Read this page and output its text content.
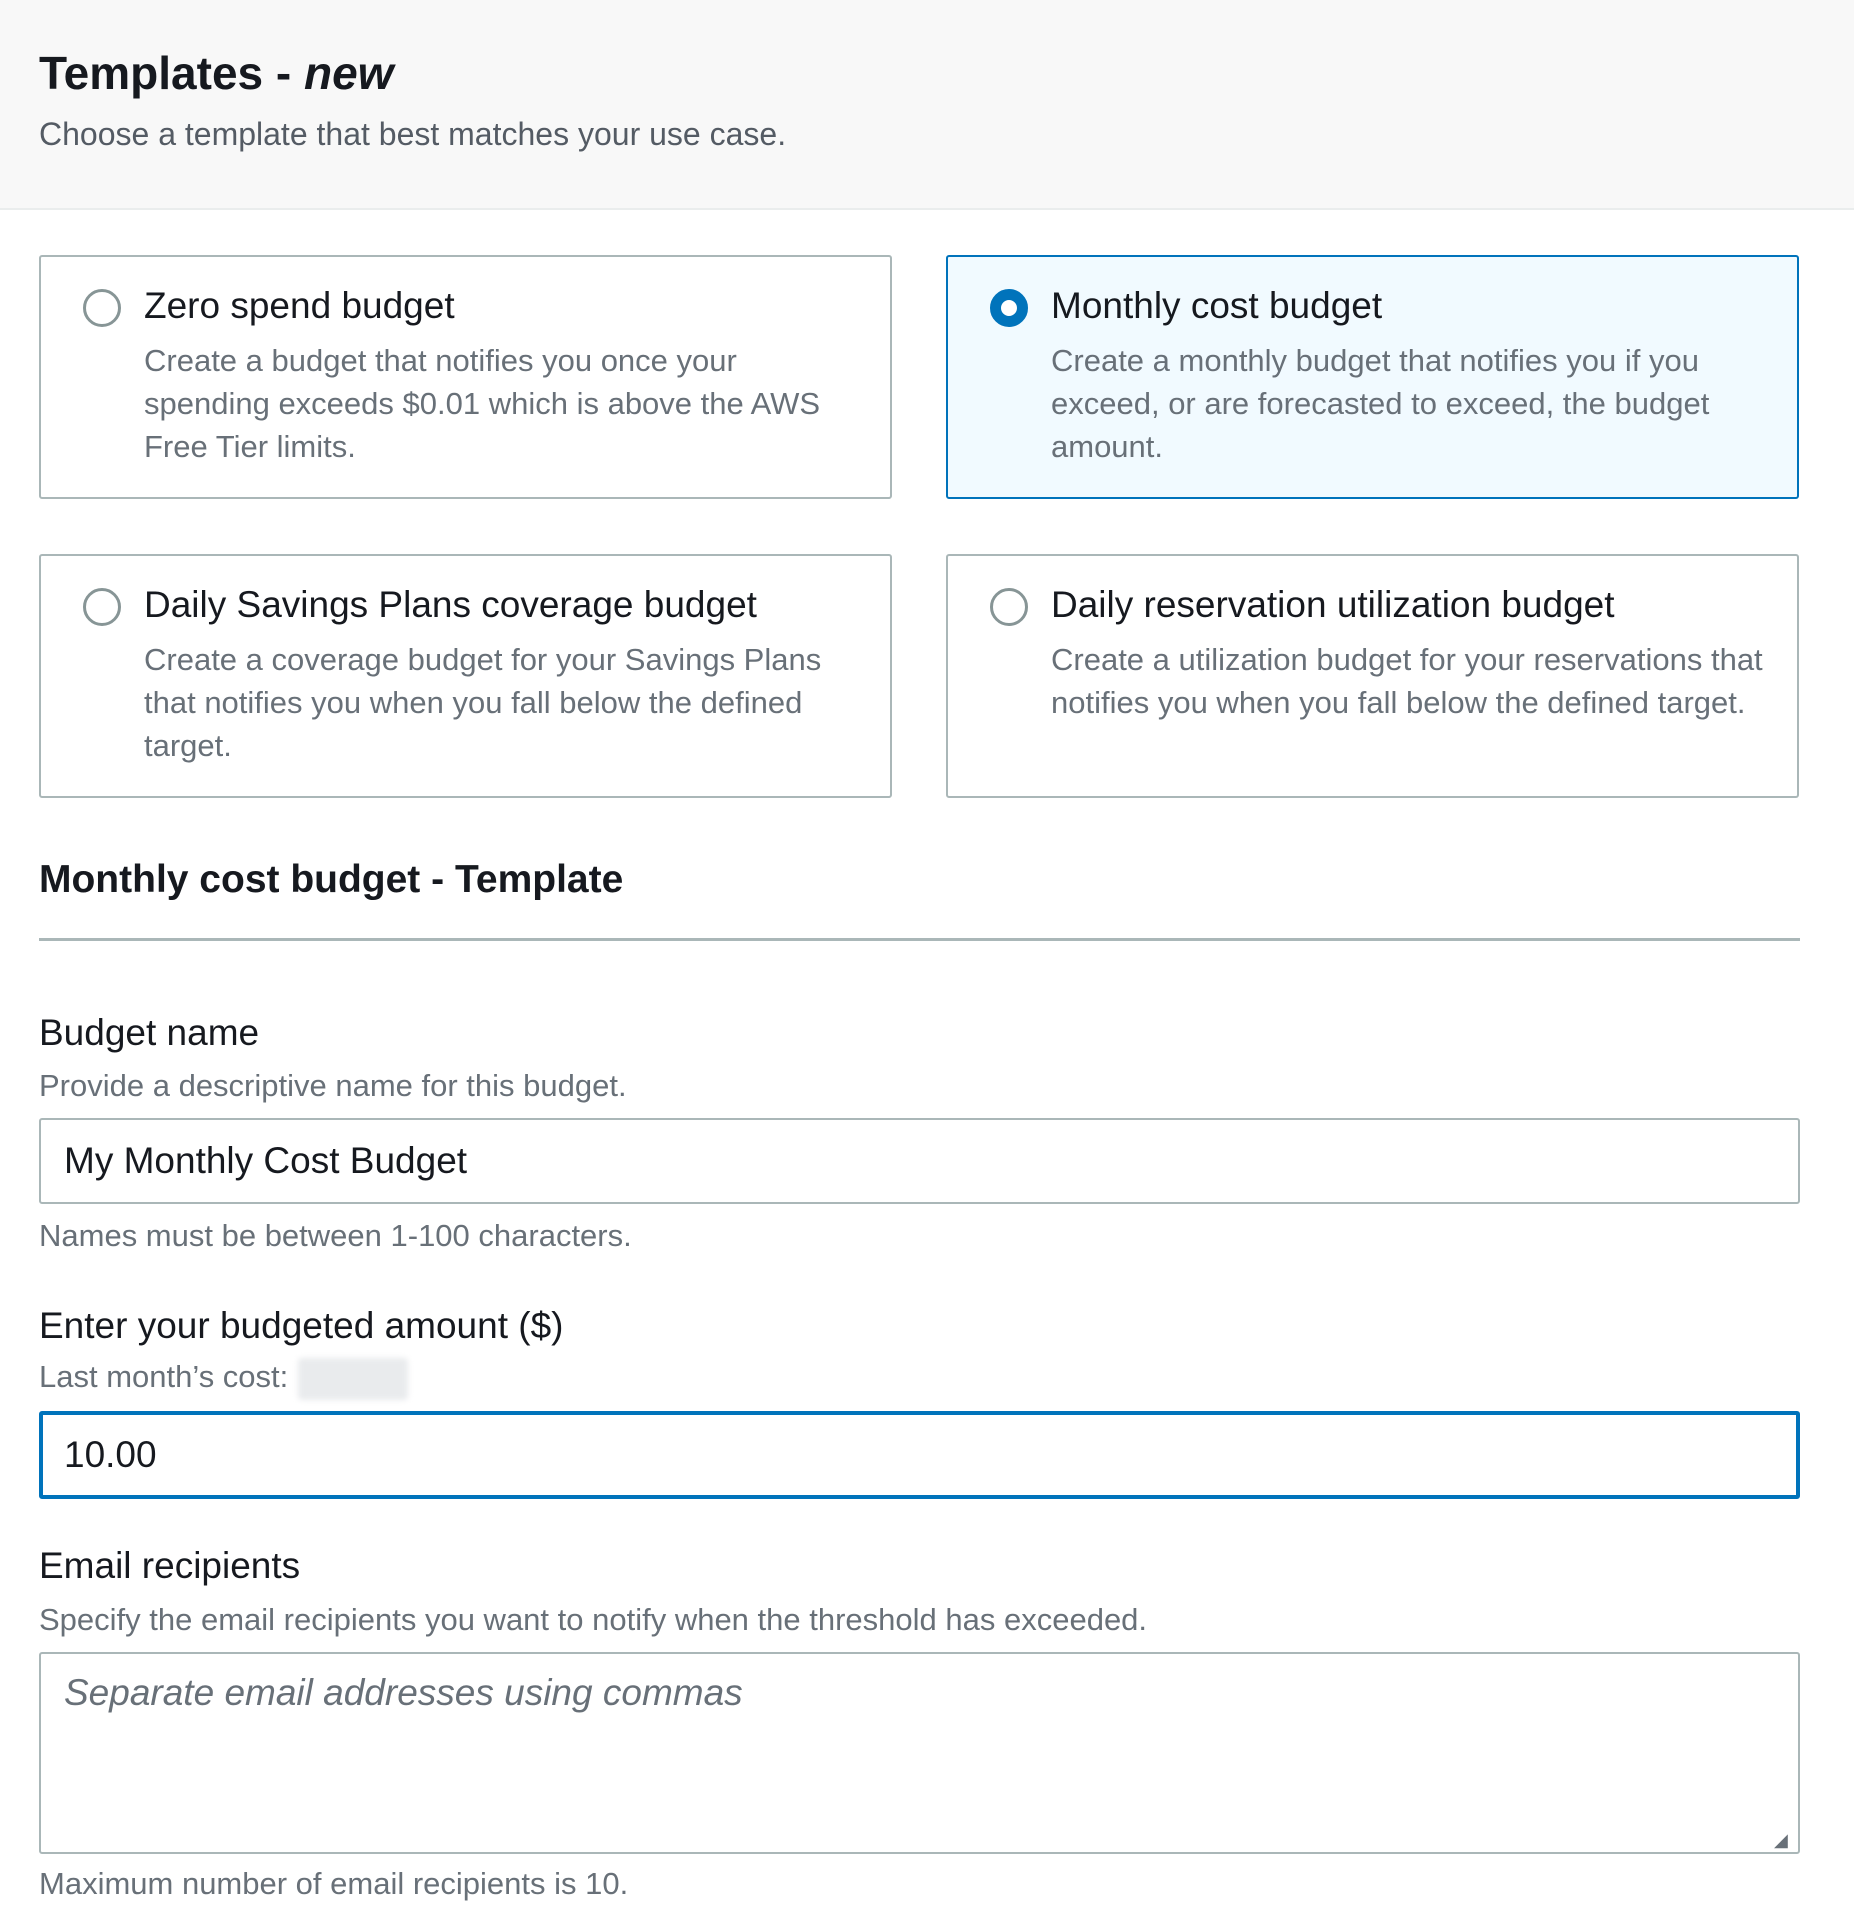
Templates - new
Choose a template that best matches your use case.
Zero spend budget
Create a budget that notifies you once your spending exceeds $0.01 which is above the AWS Free Tier limits.
Monthly cost budget
Create a monthly budget that notifies you if you exceed, or are forecasted to exceed, the budget amount.
Daily Savings Plans coverage budget
Create a coverage budget for your Savings Plans that notifies you when you fall below the defined target.
Daily reservation utilization budget
Create a utilization budget for your reservations that notifies you when you fall below the defined target.
Monthly cost budget - Template
Budget name
Provide a descriptive name for this budget.
My Monthly Cost Budget
Names must be between 1-100 characters.
Enter your budgeted amount ($)
Last month’s cost:
10.00
Email recipients
Specify the email recipients you want to notify when the threshold has exceeded.
Separate email addresses using commas
◢
Maximum number of email recipients is 10.
